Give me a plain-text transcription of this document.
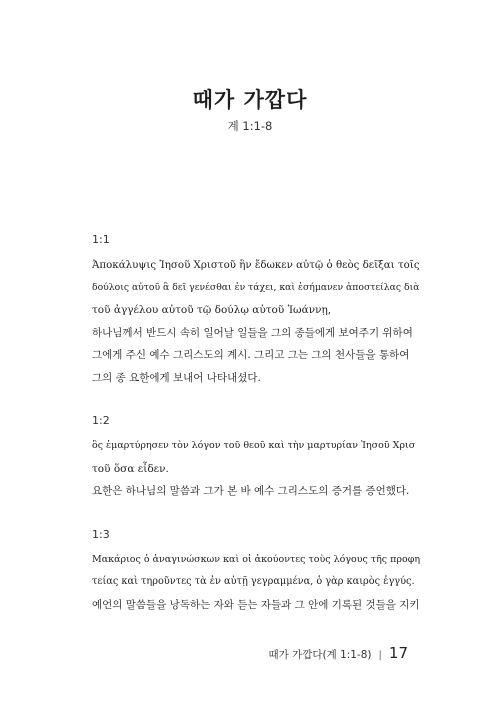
때가 가깝다
계 1:1-8
1:1
Ἀποκάλυψις Ἰησοῦ Χριστοῦ ἣν ἔδωκεν αὐτῷ ὁ θεὸς δεῖξαι τοῖς
δούλοις αὐτοῦ ἃ δεῖ γενέσθαι ἐν τάχει, καὶ ἐσήμανεν ἀποστείλας διὰ
τοῦ ἀγγέλου αὐτοῦ τῷ δούλῳ αὐτοῦ Ἰωάννῃ,
하나님께서 반드시 속히 일어날 일들을 그의 종들에게 보여주기 위하여
그에게 주신 예수 그리스도의 계시. 그리고 그는 그의 천사들을 통하여
그의 종 요한에게 보내어 나타내셨다.
1:2
ὃς ἐμαρτύρησεν τὸν λόγον τοῦ θεοῦ καὶ τὴν μαρτυρίαν Ἰησοῦ Χρισ
τοῦ ὅσα εἶδεν.
요한은 하나님의 말씀과 그가 본 바 예수 그리스도의 증거를 증언했다.
1:3
Μακάριος ὁ ἀναγινώσκων καὶ οἱ ἀκούοντες τοὺς λόγους τῆς προφη
τείας καὶ τηροῦντες τὰ ἐν αὐτῇ γεγραμμένα, ὁ γὰρ καιρὸς ἐγγύς.
예언의 말씀들을 낭독하는 자와 듣는 자들과 그 안에 기록된 것들을 지키
때가 가깝다(계 1:1-8) | 17
